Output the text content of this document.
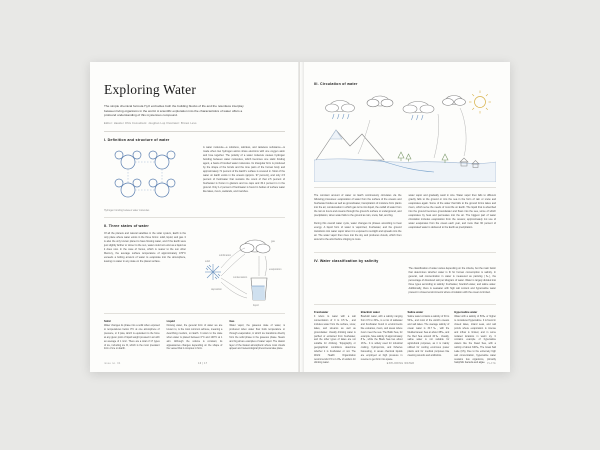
Exploring Water
The simple chemical formula H₂O embodies both the building blocks of life and the relentless interplay between living organisms in the world. A scientific exploration into the characteristics of water offers a profound understanding of this mysterious compound.
Editor: Hassler Ohls Consultant: Joughan Lup Illustrator: Brown Levs
I. Definition and structure of water
Hydrogen bonding between water molecules

A water molecule—a colorless, odorless, and tasteless substance—is made when two hydrogen atoms share electrons with one oxygen atom and fuse together. The polarity of a water molecule causes hydrogen bonding between water molecules, which becomes one static binding agent, a basis of bonded water molecules. Its triangular form is produced by the shape of the bonds and the lone pairs of the human body and approximately 71 percent of the Earth's surface is covered in. Most of the water on Earth exists in the oceans (approx. 97 percent), and only 2.5 percent of freshwater that sustains the count of that 2.5 percent of freshwater is frozen in glaciers and ice caps and 30.1 percent is in the ground. Only 1.2 percent of freshwater is found in bodies of surface water like lakes, rivers, wetlands, and marshes.

II. Three states of water

Of all the planets and natural satellites in the solar system, Earth is the only place where water exists in the three forms: solid, liquid, and gas. It is also the only known planet to have flowing water, and if the Earth were just slightly farther or closer to the sun, water could not exist as a liquid as it does now. In the case of Venus, which is nearer to the sun other Mercury, the average surface temperature of approximately 470°C exceeds a boiling amount of water to evaporate into the atmosphere, leaving no water in any state on the planet surface.

sublimation
deposition
condensation
evaporation
solid
liquid
gas
Solid

Water changes its phase into a solid when exposed to temperatures below 0°C at one atmosphere of pressure, or 0 psia, which is equivalent to the force at any given point of liquid weight pressed in air with an average of 1 mm². There are a total of 17 types of ice, including ice Ih, which is the most prevalent form of ice on Earth.

Liquid

Flowing water, the general form of water we are known to, is the most common achieve, meaning a describing medium, on Earth. It refers to the state when water is placed between 0°C and 100°C at 1 atm. Although the volume is constant, its appearances changes depending on the shape of the vessel that it occupies in form.

Gas

Water vapor, the gaseous state of water, is produced when water flow boils temperature or through evaporation, in which ice transitions directly from the solid phase in the gaseous phase. Steam and fog all are examples of water vapor. The classic layer of the fastest atmospheric where most clouds appear and meteorological phenomena take place.

issue no. 04	16 | 17
III. Circulation of water

The constant amount of water on Earth continuously circulates via the following processes: evaporation of water from the surface of the oceans and freshwater bodies as well as groundwater, transpiration of moisture from plants into the air, condensation in which gas turns into liquid, the outfall of water from the rain to rivers and oceans through the ground's surface or underground, and precipitation, when water falls to the ground as rain, snow, hail, and fog.

During this overall water cycle, water changes its phases according to heat energy. A liquid form of water is vaporized, freshwater, and the ground transitions into water vapor when it is exposed to sunlight and spreads into the air. The water vapor then rises into the sky and produces clouds, which then around to the wind before clinging to more

water vapor and gradually swell in size. Water vapor then falls to different gravity falls to the ground or into the sea in the form of rain or snow and evaporates again. Some of the water that falls to the ground forms lakes and rivers, which serve the needs of most life on Earth. The liquid that is absorbed into the ground becomes groundwater and flows into the sea, some of which evaporates by heat and permeates into the air. The biggest part of water circulation includes evaporation from the oceans; approximately 1st use of water evaporates from the ocean each year, and more than 90 percent of evaporated water is delivered to the Earth as precipitation.

IV. Water classification by salinity

The classification of water varies depending on the criteria, but the main factor that determines whether water is fit for human consumption is salinity. In general, salt concentration in water is measured as parts/kg (‰), the percentage of dissolved salt per kilogram of water. Water is largely divided into three types according to salinity: freshwater, brackish water, and saline water. Additionally, there is seawater with high salt content and hypersaline water present in closed environments where circulation with the ocean is limited.

Freshwater

It refers to water with a salt concentration of 0 to 0.5‰, and includes water from the surface, snow, lakes, and streams as well as groundwater. Usually drinking water is purified or extracted from freshwater, and the other types of lakes are not suitable for drinking. Topography or geographical conditions determine whether it is freshwater or not. The World Health Organization recommends 0.5 to 1.0‰ of sodium for drinking water.

Brackish water

Brackish water, with a salinity ranging from 0.5 to 30‰, is a mix of saltwater and freshwater found in environments like estuaries, rivers, and areas where rivers meet the sea. The Baltic Sea, for example, have salinity of approximately 8‰, while the Black Sea lies about 18‰. It is widely used for industrial cooling, hydroponics, and fisheries harvesting, in areas chemical liquids are employed at high pressure in reverse to get form into space.

Saline water

Saline water contains a salinity of 30 to 50‰, and most of the world's oceans and salt lakes. The average salinity of ocean water is 34.7‰, with the Mediterranean Sea at about 38‰, and the Red Sea around 40‰. Usually, saline water is not suitable for agricultural purposes, as it is mainly utilized for cooling enormous power plants and for medical purposes like cleaning wounds and antibiotics.

Hypersaline water

Water with a salinity of 50‰ or higher is considered hypersaline. It is found in closed lakes, inland seas, and salt ponds where evaporation is intense and inflow is limited, and in some isolated locations in warm icy. It contains example of hypersaline waters like the Dead Sea, with a salinity of about 340‰, The Great Salt Lake (US), Due to the extremely high salt concentration, hypersaline water sustains few organisms, primarily halophilic bacteria and algae.

EXPLORING WATER	PLATE
